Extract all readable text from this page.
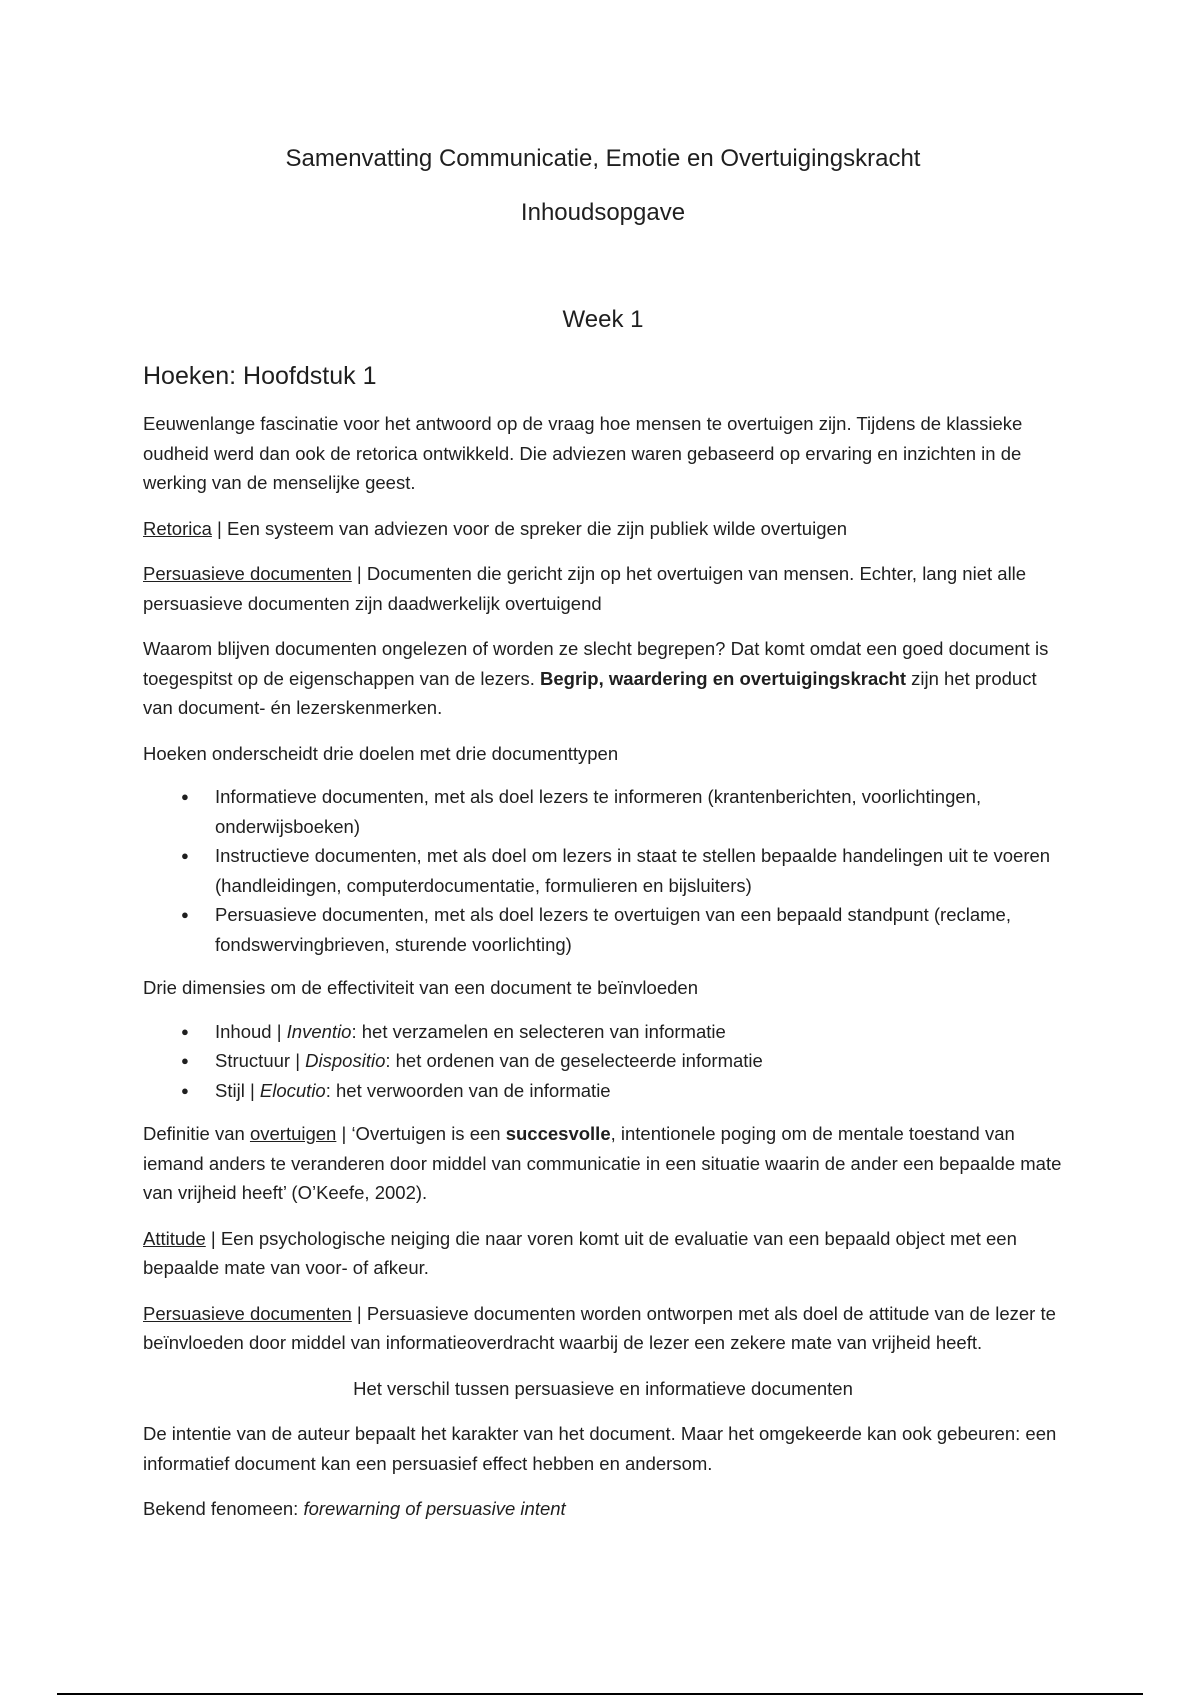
Samenvatting Communicatie, Emotie en Overtuigingskracht
Inhoudsopgave
Week 1
Hoeken: Hoofdstuk 1

Eeuwenlange fascinatie voor het antwoord op de vraag hoe mensen te overtuigen zijn. Tijdens de klassieke oudheid werd dan ook de retorica ontwikkeld. Die adviezen waren gebaseerd op ervaring en inzichten in de werking van de menselijke geest.

Retorica | Een systeem van adviezen voor de spreker die zijn publiek wilde overtuigen

Persuasieve documenten | Documenten die gericht zijn op het overtuigen van mensen. Echter, lang niet alle persuasieve documenten zijn daadwerkelijk overtuigend

Waarom blijven documenten ongelezen of worden ze slecht begrepen? Dat komt omdat een goed document is toegespitst op de eigenschappen van de lezers. Begrip, waardering en overtuigingskracht zijn het product van document- én lezerskenmerken.

Hoeken onderscheidt drie doelen met drie documenttypen

● Informatieve documenten, met als doel lezers te informeren (krantenberichten, voorlichtingen, onderwijsboeken)
● Instructieve documenten, met als doel om lezers in staat te stellen bepaalde handelingen uit te voeren (handleidingen, computerdocumentatie, formulieren en bijsluiters)
● Persuasieve documenten, met als doel lezers te overtuigen van een bepaald standpunt (reclame, fondswervingbrieven, sturende voorlichting)

Drie dimensies om de effectiviteit van een document te beïnvloeden

● Inhoud | Inventio: het verzamelen en selecteren van informatie
● Structuur | Dispositio: het ordenen van de geselecteerde informatie
● Stijl | Elocutio: het verwoorden van de informatie

Definitie van overtuigen | ‘Overtuigen is een succesvolle, intentionele poging om de mentale toestand van iemand anders te veranderen door middel van communicatie in een situatie waarin de ander een bepaalde mate van vrijheid heeft’ (O’Keefe, 2002).

Attitude | Een psychologische neiging die naar voren komt uit de evaluatie van een bepaald object met een bepaalde mate van voor- of afkeur.

Persuasieve documenten | Persuasieve documenten worden ontworpen met als doel de attitude van de lezer te beïnvloeden door middel van informatieoverdracht waarbij de lezer een zekere mate van vrijheid heeft.

Het verschil tussen persuasieve en informatieve documenten

De intentie van de auteur bepaalt het karakter van het document. Maar het omgekeerde kan ook gebeuren: een informatief document kan een persuasief effect hebben en andersom.

Bekend fenomeen: forewarning of persuasive intent
